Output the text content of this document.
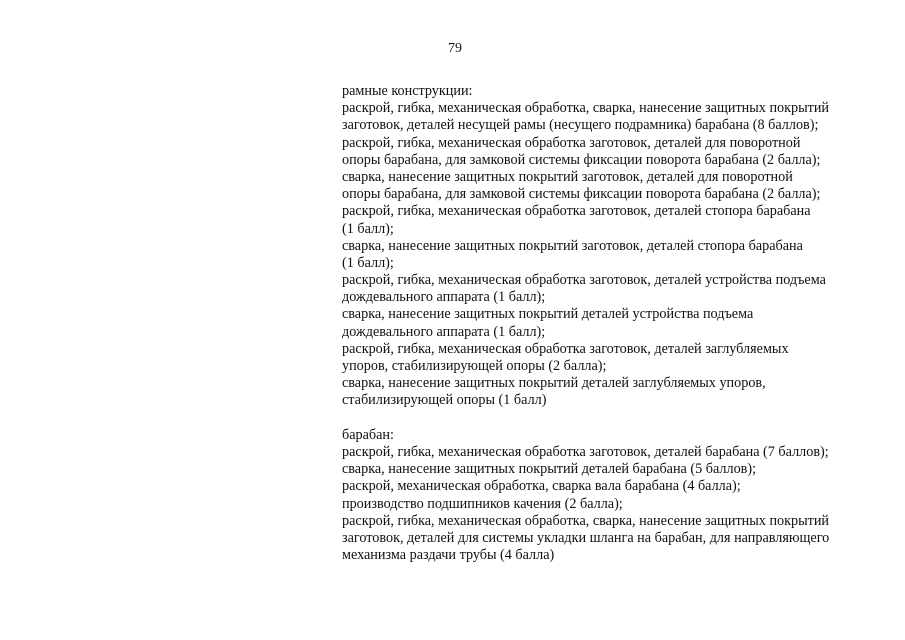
79
рамные конструкции:
раскрой, гибка, механическая обработка, сварка, нанесение защитных покрытий
заготовок, деталей несущей рамы (несущего подрамника) барабана (8 баллов);
раскрой, гибка, механическая обработка заготовок, деталей для поворотной
опоры барабана, для замковой системы фиксации поворота барабана (2 балла);
сварка, нанесение защитных покрытий заготовок, деталей для поворотной
опоры барабана, для замковой системы фиксации поворота барабана (2 балла);
раскрой, гибка, механическая обработка заготовок, деталей стопора барабана
(1 балл);
сварка, нанесение защитных покрытий заготовок, деталей стопора барабана
(1 балл);
раскрой, гибка, механическая обработка заготовок, деталей устройства подъема
дождевального аппарата (1 балл);
сварка, нанесение защитных покрытий деталей устройства подъема
дождевального аппарата (1 балл);
раскрой, гибка, механическая обработка заготовок, деталей заглубляемых
упоров, стабилизирующей опоры (2 балла);
сварка, нанесение защитных покрытий деталей заглубляемых упоров,
стабилизирующей опоры (1 балл)
барабан:
раскрой, гибка, механическая обработка заготовок, деталей барабана (7 баллов);
сварка, нанесение защитных покрытий деталей барабана (5 баллов);
раскрой, механическая обработка, сварка вала барабана (4 балла);
производство подшипников качения (2 балла);
раскрой, гибка, механическая обработка, сварка, нанесение защитных покрытий
заготовок, деталей для системы укладки шланга на барабан, для направляющего
механизма раздачи трубы (4 балла)
